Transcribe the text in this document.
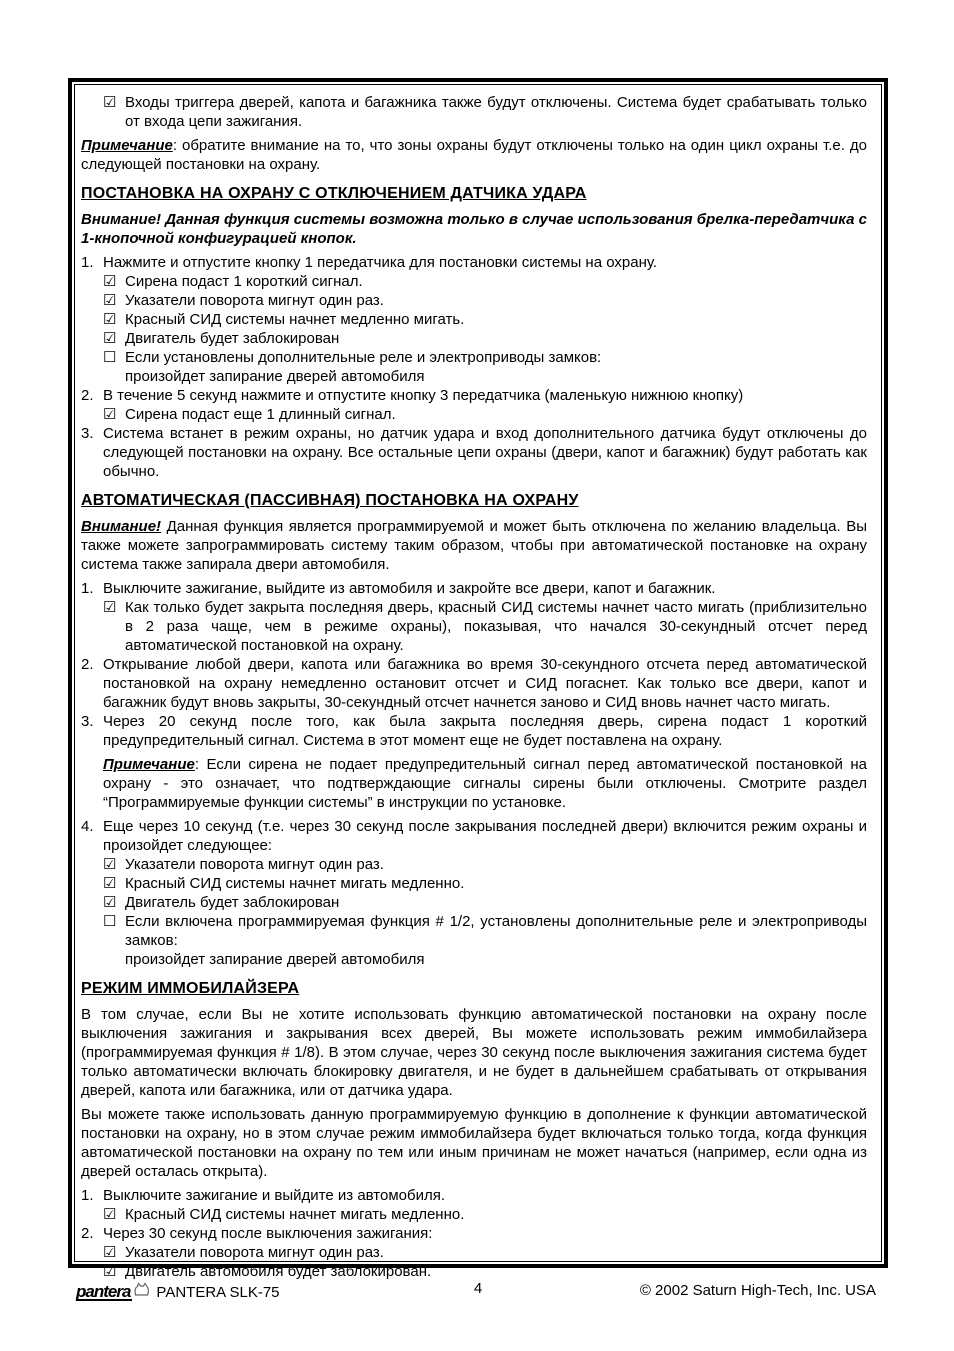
☑ Входы триггера дверей, капота и багажника также будут отключены. Система будет срабатывать только от входа цепи зажигания.
Примечание: обратите внимание на то, что зоны охраны будут отключены только на один цикл охраны т.е. до следующей постановки на охрану.
ПОСТАНОВКА НА ОХРАНУ С ОТКЛЮЧЕНИЕМ ДАТЧИКА УДАРА
Внимание! Данная функция системы возможна только в случае использования брелка-передатчика с 1-кнопочной конфигурацией кнопок.
1. Нажмите и отпустите кнопку 1 передатчика для постановки системы на охрану.
☑ Сирена подаст 1 короткий сигнал.
☑ Указатели поворота мигнут один раз.
☑ Красный СИД системы начнет медленно мигать.
☑ Двигатель будет заблокирован
☐ Если установлены дополнительные реле и электроприводы замков:
произойдет запирание дверей автомобиля
2. В течение 5 секунд нажмите и отпустите кнопку 3 передатчика (маленькую нижнюю кнопку)
☑ Сирена подаст еще 1 длинный сигнал.
3. Система встанет в режим охраны, но датчик удара и вход дополнительного датчика будут отключены до следующей постановки на охрану. Все остальные цепи охраны (двери, капот и багажник) будут работать как обычно.
АВТОМАТИЧЕСКАЯ (ПАССИВНАЯ) ПОСТАНОВКА НА ОХРАНУ
Внимание! Данная функция является программируемой и может быть отключена по желанию владельца. Вы также можете запрограммировать систему таким образом, чтобы при автоматической постановке на охрану система также запирала двери автомобиля.
1. Выключите зажигание, выйдите из автомобиля и закройте все двери, капот и багажник.
☑ Как только будет закрыта последняя дверь, красный СИД системы начнет часто мигать (приблизительно в 2 раза чаще, чем в режиме охраны), показывая, что начался 30-секундный отсчет перед автоматической постановкой на охрану.
2. Открывание любой двери, капота или багажника во время 30-секундного отсчета перед автоматической постановкой на охрану немедленно остановит отсчет и СИД погаснет. Как только все двери, капот и багажник будут вновь закрыты, 30-секундный отсчет начнется заново и СИД вновь начнет часто мигать.
3. Через 20 секунд после того, как была закрыта последняя дверь, сирена подаст 1 короткий предупредительный сигнал. Система в этот момент еще не будет поставлена на охрану.
Примечание: Если сирена не подает предупредительный сигнал перед автоматической постановкой на охрану - это означает, что подтверждающие сигналы сирены были отключены. Смотрите раздел “Программируемые функции системы” в инструкции по установке.
4. Еще через 10 секунд (т.е. через 30 секунд после закрывания последней двери) включится режим охраны и произойдет следующее:
☑ Указатели поворота мигнут один раз.
☑ Красный СИД системы начнет мигать медленно.
☑ Двигатель будет заблокирован
☐ Если включена программируемая функция # 1/2, установлены дополнительные реле и электроприводы замков:
произойдет запирание дверей автомобиля
РЕЖИМ ИММОБИЛАЙЗЕРА
В том случае, если Вы не хотите использовать функцию автоматической постановки на охрану после выключения зажигания и закрывания всех дверей, Вы можете использовать режим иммобилайзера (программируемая функция # 1/8). В этом случае, через 30 секунд после выключения зажигания система будет только автоматически включать блокировку двигателя, и не будет в дальнейшем срабатывать от открывания дверей, капота или багажника, или от датчика удара.
Вы можете также использовать данную программируемую функцию в дополнение к функции автоматической постановки на охрану, но в этом случае режим иммобилайзера будет включаться только тогда, когда функция автоматической постановки на охрану по тем или иным причинам не может начаться (например, если одна из дверей осталась открыта).
1. Выключите зажигание и выйдите из автомобиля.
☑ Красный СИД системы начнет мигать медленно.
2. Через 30 секунд после выключения зажигания:
☑ Указатели поворота мигнут один раз.
☑ Двигатель автомобиля будет заблокирован.
pantera PANTERA SLK-75	4	© 2002 Saturn High-Tech, Inc. USA
